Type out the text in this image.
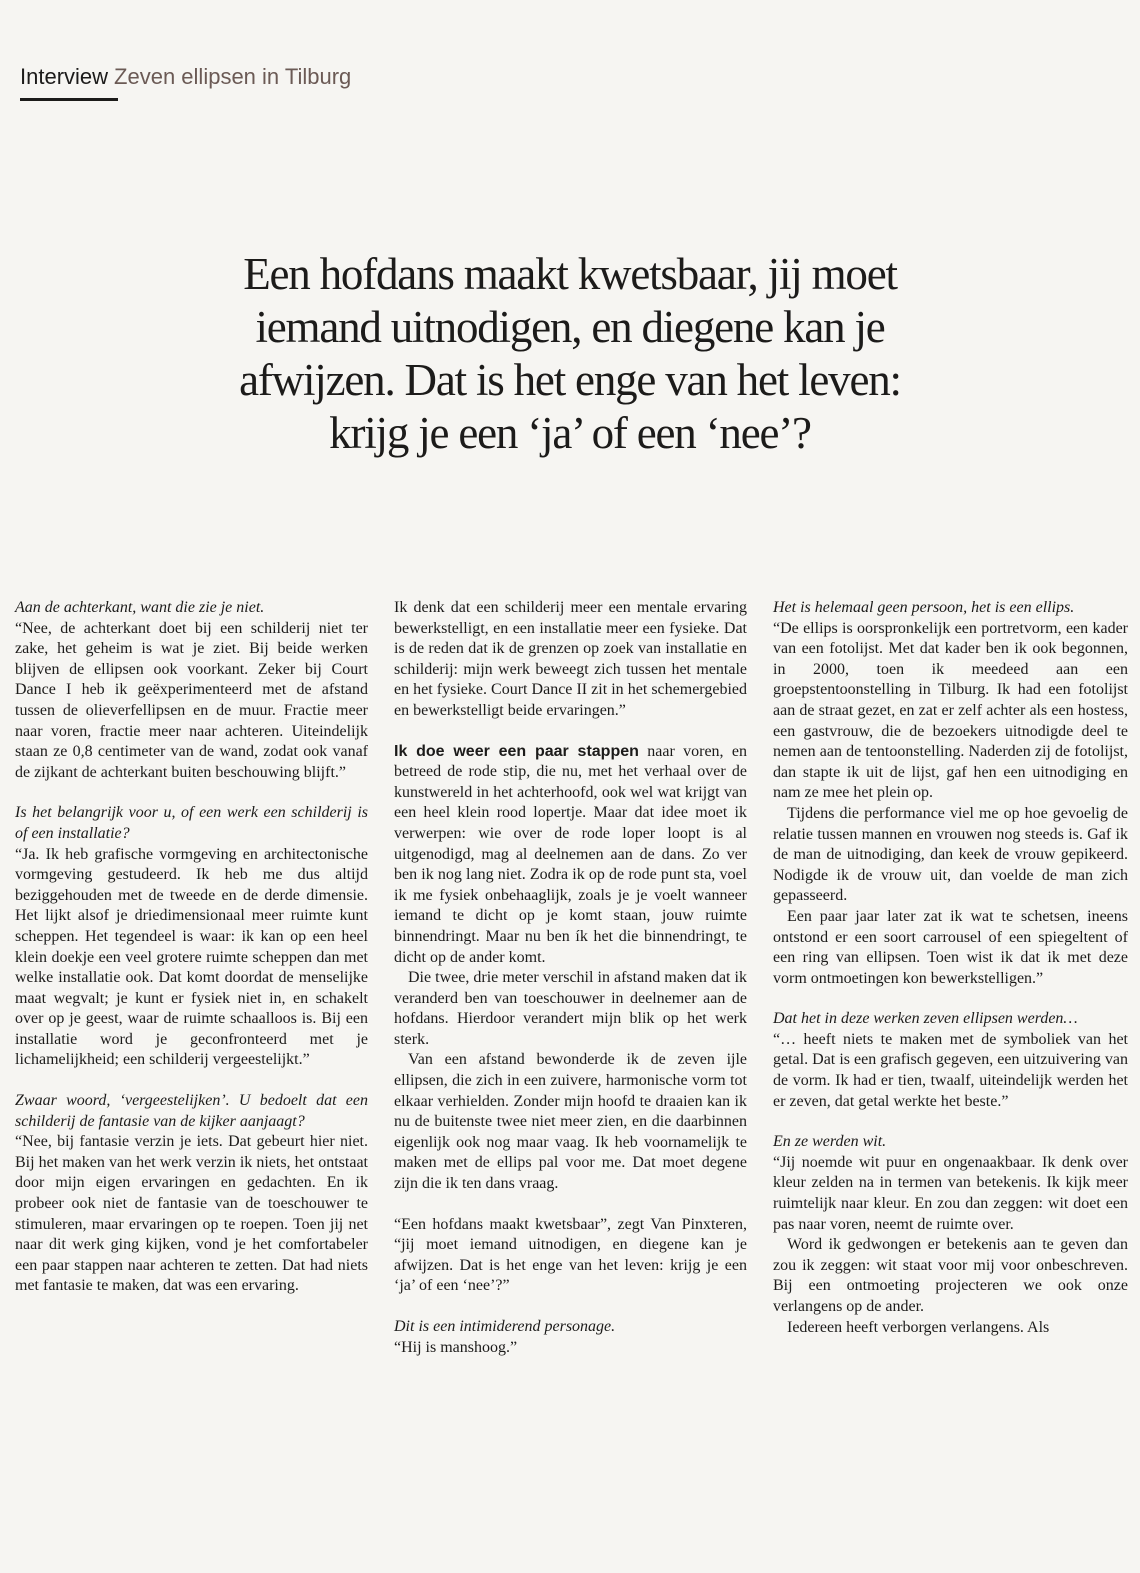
Interview Zeven ellipsen in Tilburg
Een hofdans maakt kwetsbaar, jij moet
iemand uitnodigen, en diegene kan je
afwijzen. Dat is het enge van het leven:
krijg je een ‘ja’ of een ‘nee’?

Aan de achterkant, want die zie je niet.

“Nee, de achterkant doet bij een schilderij niet ter zake, het geheim is wat je ziet. Bij beide werken blijven de ellipsen ook voorkant. Zeker bij Court Dance I heb ik geëxperimenteerd met de afstand tussen de olieverfellipsen en de muur. Fractie meer naar voren, fractie meer naar achteren. Uiteindelijk staan ze 0,8 centimeter van de wand, zodat ook vanaf de zijkant de achterkant buiten beschouwing blijft.”

Is het belangrijk voor u, of een werk een schilderij is of een installatie?

“Ja. Ik heb grafische vormgeving en architectonische vormgeving gestudeerd. Ik heb me dus altijd beziggehouden met de tweede en de derde dimensie. Het lijkt alsof je driedimensionaal meer ruimte kunt scheppen. Het tegendeel is waar: ik kan op een heel klein doekje een veel grotere ruimte scheppen dan met welke installatie ook. Dat komt doordat de menselijke maat wegvalt; je kunt er fysiek niet in, en schakelt over op je geest, waar de ruimte schaalloos is. Bij een installatie word je geconfronteerd met je lichamelijkheid; een schilderij vergeestelijkt.”

Zwaar woord, ‘vergeestelijken’. U bedoelt dat een schilderij de fantasie van de kijker aanjaagt?

“Nee, bij fantasie verzin je iets. Dat gebeurt hier niet. Bij het maken van het werk verzin ik niets, het ontstaat door mijn eigen ervaringen en gedachten. En ik probeer ook niet de fantasie van de toeschouwer te stimuleren, maar ervaringen op te roepen. Toen jij net naar dit werk ging kijken, vond je het comfortabeler een paar stappen naar achteren te zetten. Dat had niets met fantasie te maken, dat was een ervaring.

Ik denk dat een schilderij meer een mentale ervaring bewerkstelligt, en een installatie meer een fysieke. Dat is de reden dat ik de grenzen op zoek van installatie en schilderij: mijn werk beweegt zich tussen het mentale en het fysieke. Court Dance II zit in het schemergebied en bewerkstelligt beide ervaringen.”

Ik doe weer een paar stappen naar voren, en betreed de rode stip, die nu, met het verhaal over de kunstwereld in het achterhoofd, ook wel wat krijgt van een heel klein rood lopertje. Maar dat idee moet ik verwerpen: wie over de rode loper loopt is al uitgenodigd, mag al deelnemen aan de dans. Zo ver ben ik nog lang niet. Zodra ik op de rode punt sta, voel ik me fysiek onbehaaglijk, zoals je je voelt wanneer iemand te dicht op je komt staan, jouw ruimte binnendringt. Maar nu ben ík het die binnendringt, te dicht op de ander komt.

Die twee, drie meter verschil in afstand maken dat ik veranderd ben van toeschouwer in deelnemer aan de hofdans. Hierdoor verandert mijn blik op het werk sterk.

Van een afstand bewonderde ik de zeven ijle ellipsen, die zich in een zuivere, harmonische vorm tot elkaar verhielden. Zonder mijn hoofd te draaien kan ik nu de buitenste twee niet meer zien, en die daarbinnen eigenlijk ook nog maar vaag. Ik heb voornamelijk te maken met de ellips pal voor me. Dat moet degene zijn die ik ten dans vraag.

“Een hofdans maakt kwetsbaar”, zegt Van Pinxteren, “jij moet iemand uitnodigen, en diegene kan je afwijzen. Dat is het enge van het leven: krijg je een ‘ja’ of een ‘nee’?”

Dit is een intimiderend personage.

“Hij is manshoog.”

Het is helemaal geen persoon, het is een ellips.

“De ellips is oorspronkelijk een portretvorm, een kader van een fotolijst. Met dat kader ben ik ook begonnen, in 2000, toen ik meedeed aan een groepstentoonstelling in Tilburg. Ik had een fotolijst aan de straat gezet, en zat er zelf achter als een hostess, een gastvrouw, die de bezoekers uitnodigde deel te nemen aan de tentoonstelling. Naderden zij de fotolijst, dan stapte ik uit de lijst, gaf hen een uitnodiging en nam ze mee het plein op.

Tijdens die performance viel me op hoe gevoelig de relatie tussen mannen en vrouwen nog steeds is. Gaf ik de man de uitnodiging, dan keek de vrouw gepikeerd. Nodigde ik de vrouw uit, dan voelde de man zich gepasseerd.

Een paar jaar later zat ik wat te schetsen, ineens ontstond er een soort carrousel of een spiegeltent of een ring van ellipsen. Toen wist ik dat ik met deze vorm ontmoetingen kon bewerkstelligen.”

Dat het in deze werken zeven ellipsen werden…

“… heeft niets te maken met de symboliek van het getal. Dat is een grafisch gegeven, een uitzuivering van de vorm. Ik had er tien, twaalf, uiteindelijk werden het er zeven, dat getal werkte het beste.”

En ze werden wit.

“Jij noemde wit puur en ongenaakbaar. Ik denk over kleur zelden na in termen van betekenis. Ik kijk meer ruimtelijk naar kleur. En zou dan zeggen: wit doet een pas naar voren, neemt de ruimte over.

Word ik gedwongen er betekenis aan te geven dan zou ik zeggen: wit staat voor mij voor onbeschreven. Bij een ontmoeting projecteren we ook onze verlangens op de ander.

Iedereen heeft verborgen verlangens. Als
